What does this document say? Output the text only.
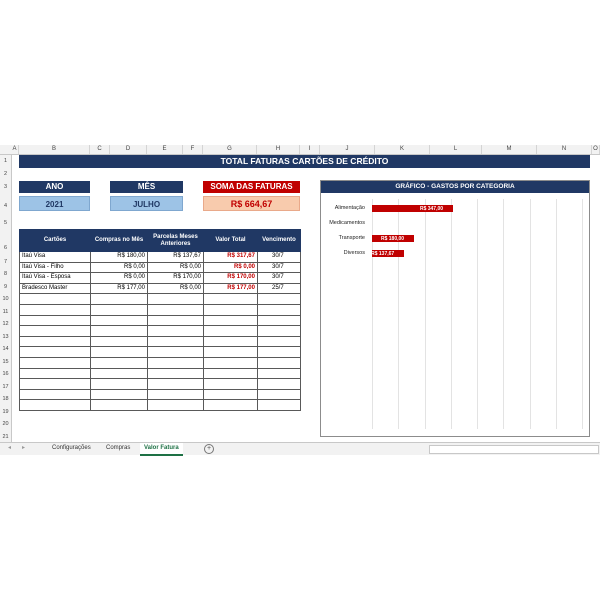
A	B	C	D	E	F	G	H	I	J	K	L	M	N	O
1
2
3
4
5
6
7
8
9
10
11
12
13
14
15
16
17
18
19
20
21
TOTAL FATURAS CARTÕES DE CRÉDITO
ANO
2021
MÊS
JULHO
SOMA DAS FATURAS
R$ 664,67
Cartões	Compras no Mês	Parcelas Meses Anteriores	Valor Total	Vencimento
Itaú Visa	R$ 180,00	R$ 137,67	R$ 317,67	30/7
Itaú Visa - Filho	R$ 0,00	R$ 0,00	R$ 0,00	30/7
Itaú Visa - Esposa	R$ 0,00	R$ 170,00	R$ 170,00	30/7
Bradesco Master	R$ 177,00	R$ 0,00	R$ 177,00	25/7

GRÁFICO - GASTOS POR CATEGORIA
Alimentação	R$ 347,00
Medicamentos
Transporte	R$ 180,00
Diversos R$ 137,67
◂ ▸	Configurações	Compras	Valor Fatura	+
